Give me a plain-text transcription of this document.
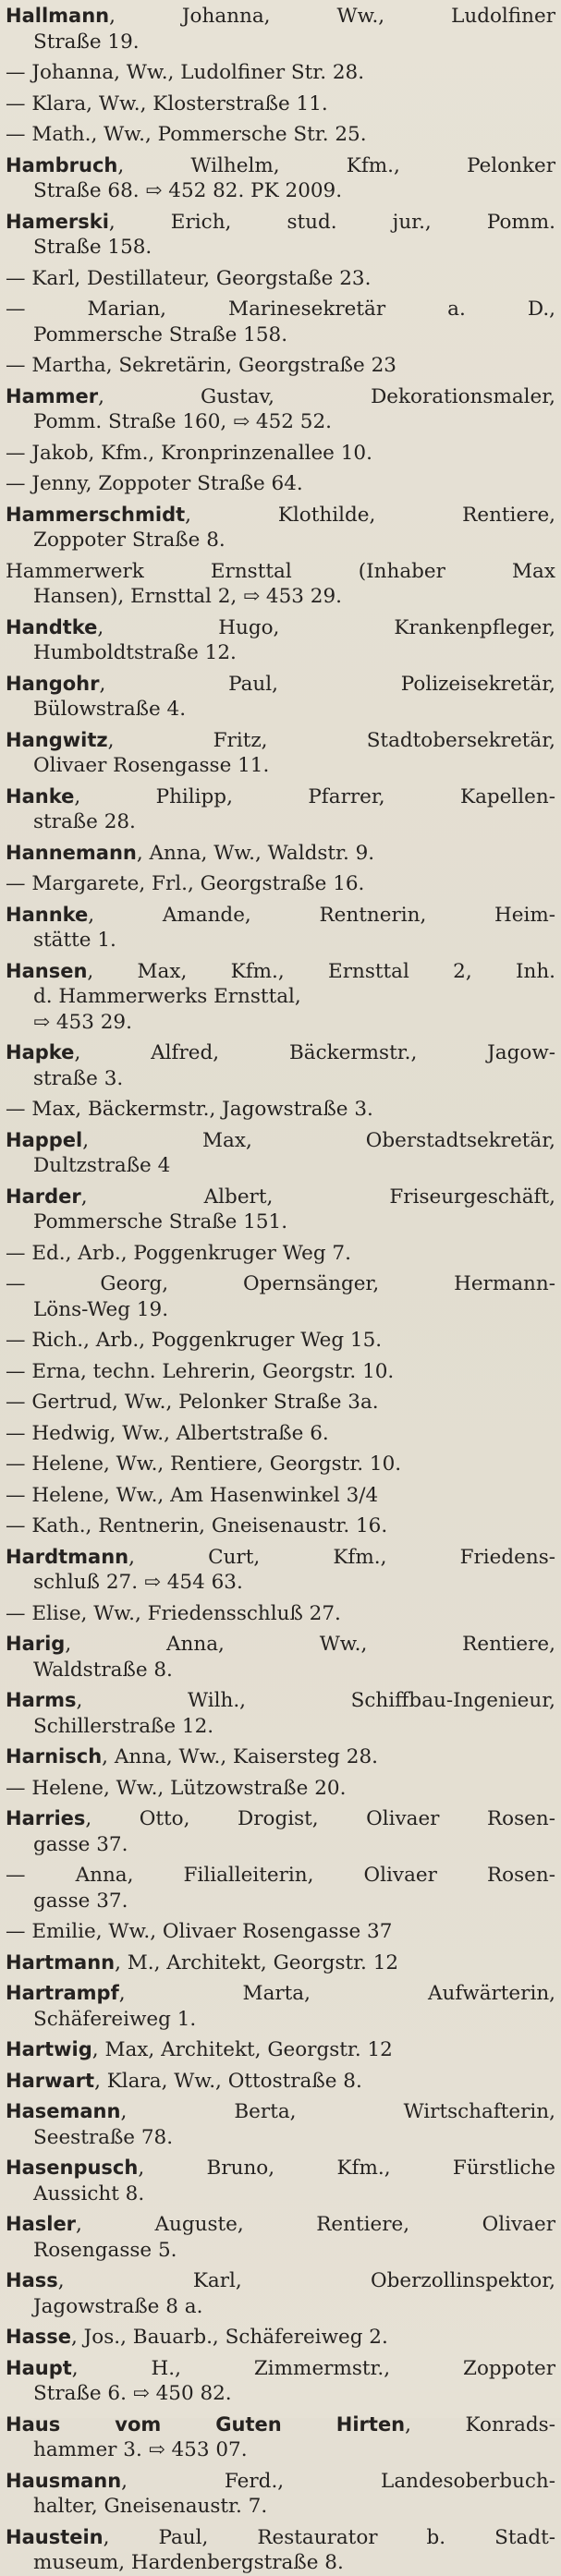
Hallmann, Johanna, Ww., Ludolfiner
Straße 19.
— Johanna, Ww., Ludolfiner Str. 28.
— Klara, Ww., Klosterstraße 11.
— Math., Ww., Pommersche Str. 25.
Hambruch, Wilhelm, Kfm., Pelonker
Straße 68. ⇨ 452 82. PK 2009.
Hamerski, Erich, stud. jur., Pomm.
Straße 158.
— Karl, Destillateur, Georgstaße 23.
— Marian, Marinesekretär a. D.,
Pommersche Straße 158.
— Martha, Sekretärin, Georgstraße 23
Hammer, Gustav, Dekorationsmaler,
Pomm. Straße 160, ⇨ 452 52.
— Jakob, Kfm., Kronprinzenallee 10.
— Jenny, Zoppoter Straße 64.
Hammerschmidt, Klothilde, Rentiere,
Zoppoter Straße 8.
Hammerwerk Ernsttal (Inhaber Max
Hansen), Ernsttal 2, ⇨ 453 29.
Handtke, Hugo, Krankenpfleger,
Humboldtstraße 12.
Hangohr, Paul, Polizeisekretär,
Bülowstraße 4.
Hangwitz, Fritz, Stadtobersekretär,
Olivaer Rosengasse 11.
Hanke, Philipp, Pfarrer, Kapellen-
straße 28.
Hannemann, Anna, Ww., Waldstr. 9.
— Margarete, Frl., Georgstraße 16.
Hannke, Amande, Rentnerin, Heim-
stätte 1.
Hansen, Max, Kfm., Ernsttal 2, Inh.
d. Hammerwerks Ernsttal,
⇨ 453 29.
Hapke, Alfred, Bäckermstr., Jagow-
straße 3.
— Max, Bäckermstr., Jagowstraße 3.
Happel, Max, Oberstadtsekretär,
Dultzstraße 4
Harder, Albert, Friseurgeschäft,
Pommersche Straße 151.
— Ed., Arb., Poggenkruger Weg 7.
— Georg, Opernsänger, Hermann-
Löns-Weg 19.
— Rich., Arb., Poggenkruger Weg 15.
— Erna, techn. Lehrerin, Georgstr. 10.
— Gertrud, Ww., Pelonker Straße 3a.
— Hedwig, Ww., Albertstraße 6.
— Helene, Ww., Rentiere, Georgstr. 10.
— Helene, Ww., Am Hasenwinkel 3/4
— Kath., Rentnerin, Gneisenaustr. 16.
Hardtmann, Curt, Kfm., Friedens-
schluß 27. ⇨ 454 63.
— Elise, Ww., Friedensschluß 27.
Harig, Anna, Ww., Rentiere,
Waldstraße 8.
Harms, Wilh., Schiffbau-Ingenieur,
Schillerstraße 12.
Harnisch, Anna, Ww., Kaisersteg 28.
— Helene, Ww., Lützowstraße 20.
Harries, Otto, Drogist, Olivaer Rosen-
gasse 37.
— Anna, Filialleiterin, Olivaer Rosen-
gasse 37.
— Emilie, Ww., Olivaer Rosengasse 37
Hartmann, M., Architekt, Georgstr. 12
Hartrampf, Marta, Aufwärterin,
Schäfereiweg 1.
Hartwig, Max, Architekt, Georgstr. 12
Harwart, Klara, Ww., Ottostraße 8.
Hasemann, Berta, Wirtschafterin,
Seestraße 78.
Hasenpusch, Bruno, Kfm., Fürstliche
Aussicht 8.
Hasler, Auguste, Rentiere, Olivaer
Rosengasse 5.
Hass, Karl, Oberzollinspektor,
Jagowstraße 8 a.
Hasse, Jos., Bauarb., Schäfereiweg 2.
Haupt, H., Zimmermstr., Zoppoter
Straße 6. ⇨ 450 82.
Haus vom Guten Hirten, Konrads-
hammer 3. ⇨ 453 07.
Hausmann, Ferd., Landesoberbuch-
halter, Gneisenaustr. 7.
Haustein, Paul, Restaurator b. Stadt-
museum, Hardenbergstraße 8.
